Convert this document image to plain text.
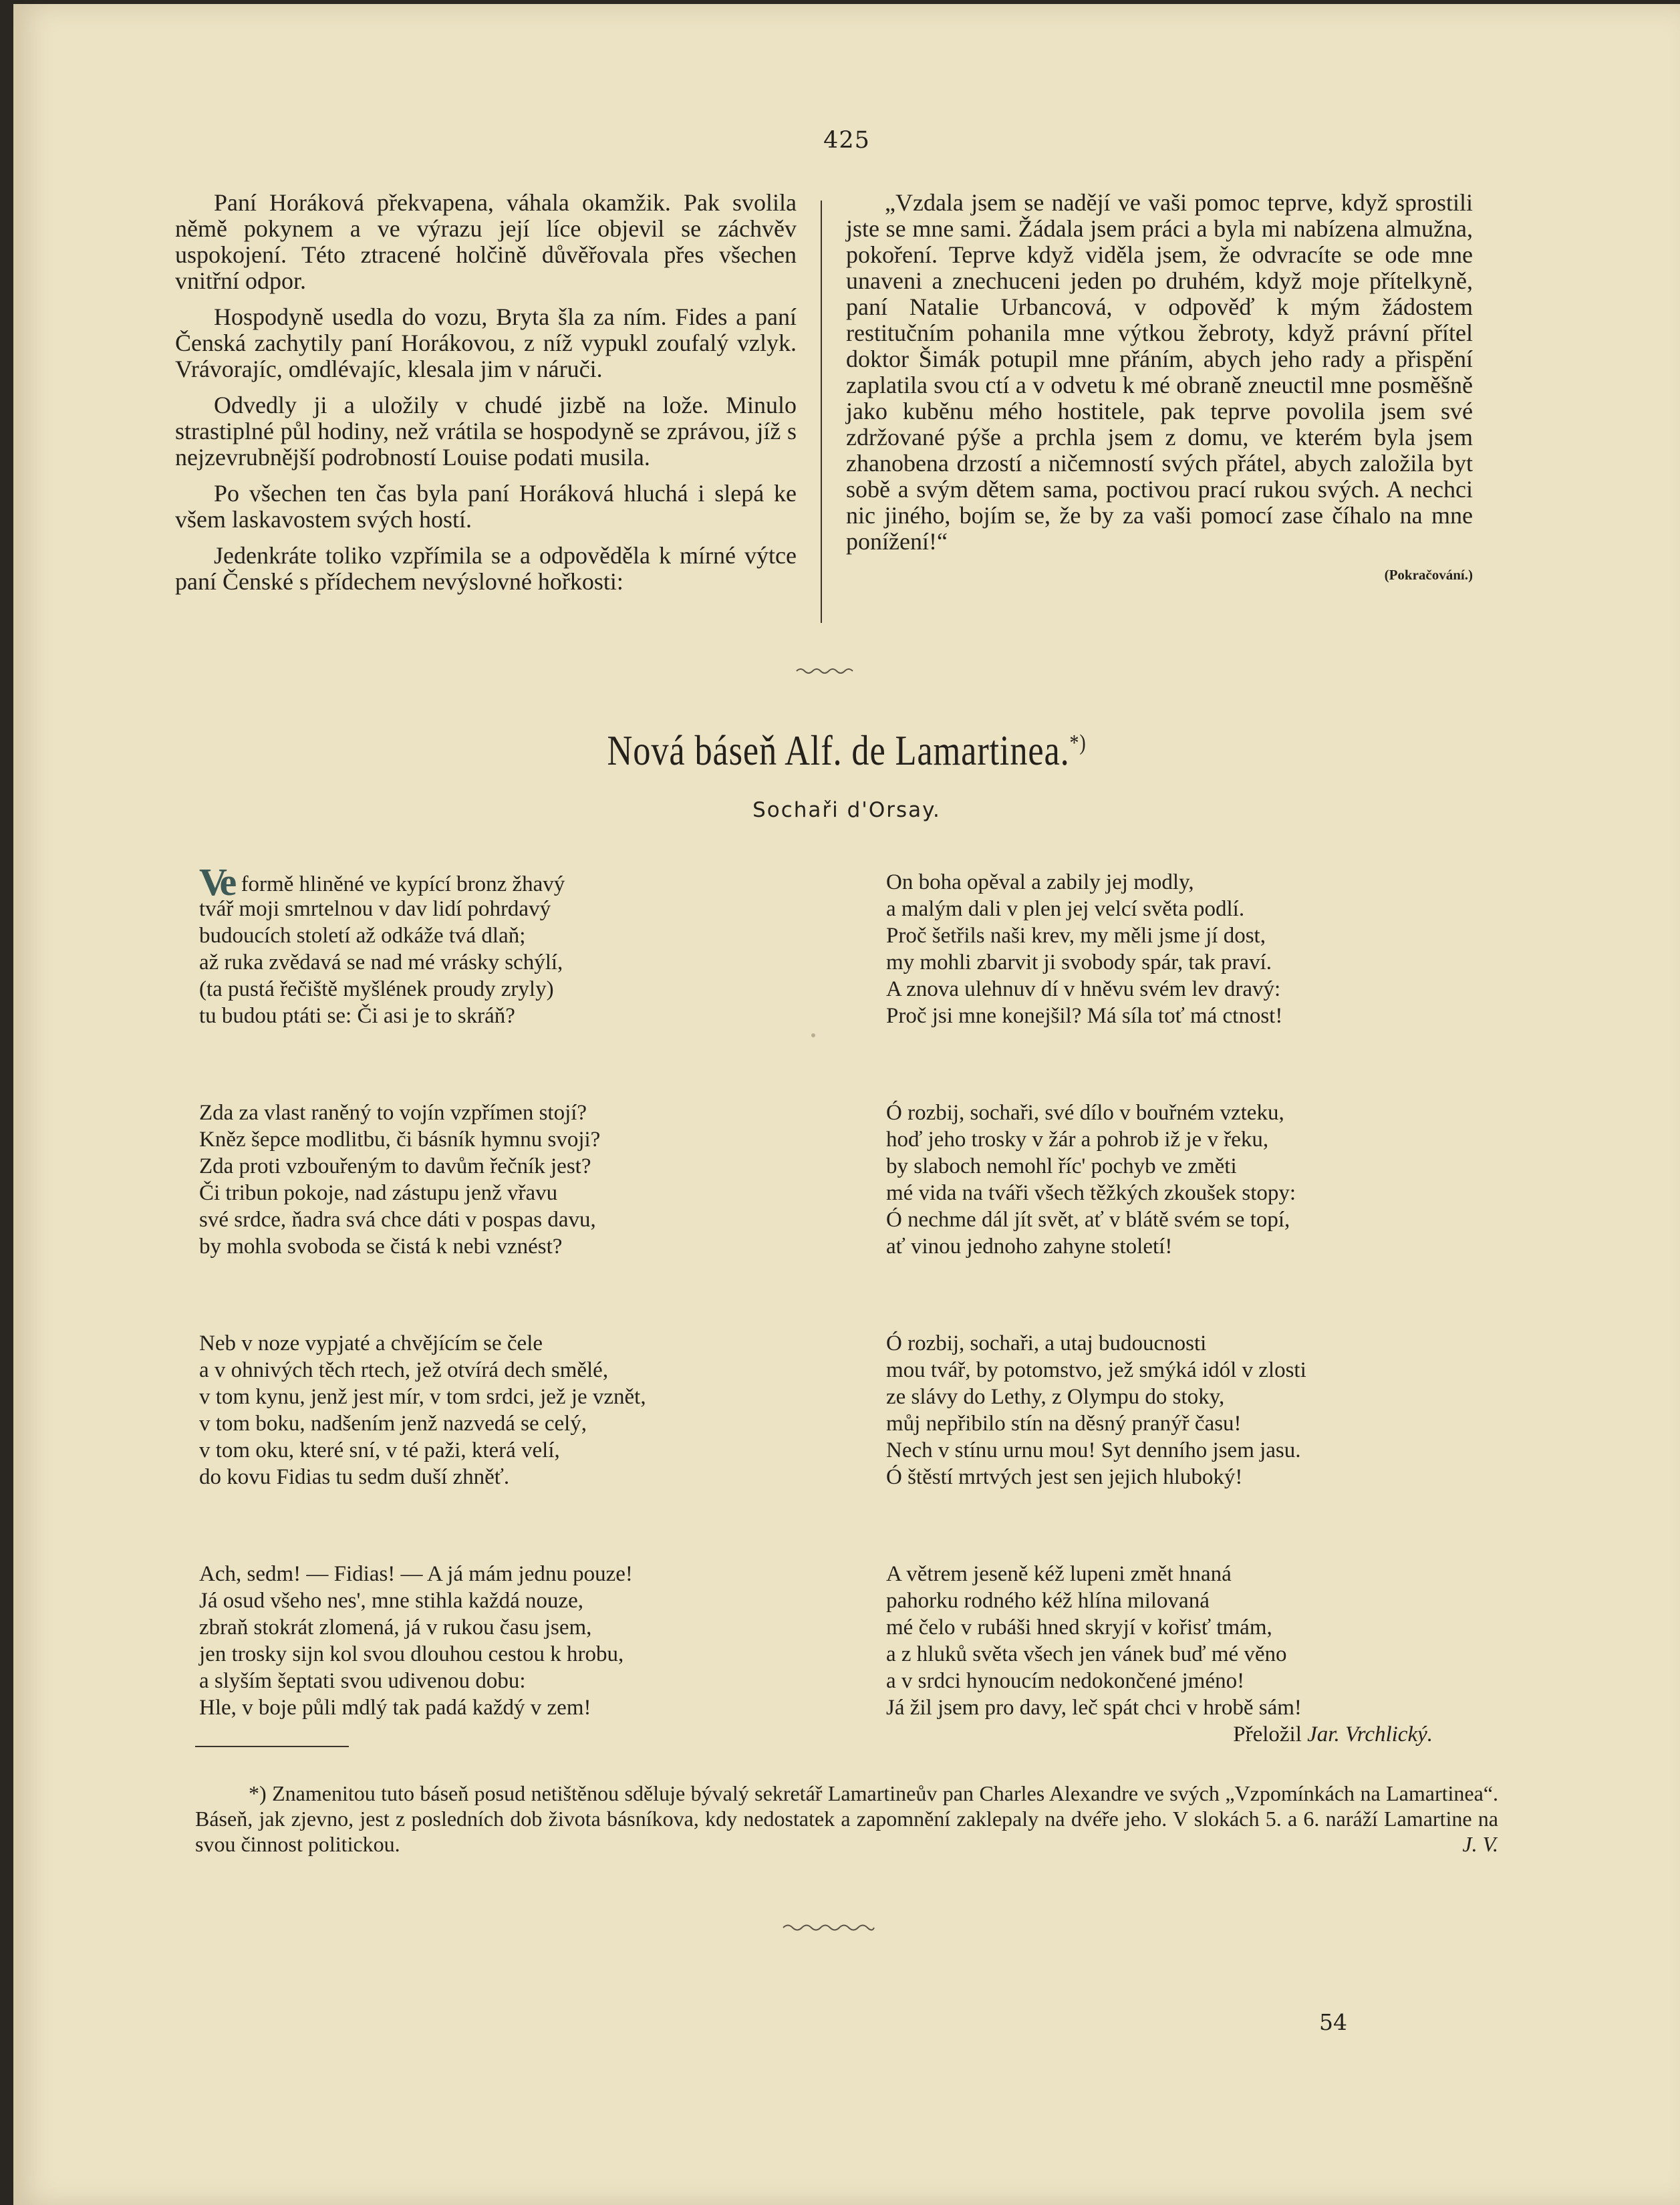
425

Paní Horáková překvapena, váhala okamžik. Pak svolila němě pokynem a ve výrazu její líce objevil se záchvěv uspokojení. Této ztracené holčině důvěřovala přes všechen vnitřní odpor.

Hospodyně usedla do vozu, Bryta šla za ním. Fides a paní Čenská zachytily paní Horákovou, z níž vypukl zoufalý vzlyk. Vrávorajíc, omdlévajíc, klesala jim v náruči.

Odvedly ji a uložily v chudé jizbě na lože. Minulo strastiplné půl hodiny, než vrátila se hospodyně se zprávou, jíž s nejzevrubnější podrobností Louise podati musila.

Po všechen ten čas byla paní Horáková hluchá i slepá ke všem laskavostem svých hostí.

Jedenkráte toliko vzpřímila se a odpověděla k mírné výtce paní Čenské s přídechem nevýslovné hořkosti:

„Vzdala jsem se nadějí ve vaši pomoc teprve, když sprostili jste se mne sami. Žádala jsem práci a byla mi nabízena almužna, pokoření. Teprve když viděla jsem, že odvracíte se ode mne unaveni a znechuceni jeden po druhém, když moje přítelkyně, paní Natalie Urbancová, v odpověď k mým žádostem restitučním pohanila mne výtkou žebroty, když právní přítel doktor Šimák potupil mne přáním, abych jeho rady a přispění zaplatila svou ctí a v odvetu k mé obraně zneuctil mne posměšně jako kuběnu mého hostitele, pak teprve povolila jsem své zdržované pýše a prchla jsem z domu, ve kterém byla jsem zhanobena drzostí a ničemností svých přátel, abych založila byt sobě a svým dětem sama, poctivou prací rukou svých. A nechci nic jiného, bojím se, že by za vaši pomocí zase číhalo na mne ponížení!“

(Pokračování.)
Nová báseň Alf. de Lamartinea.*)
Sochaři d'Orsay.
Ve formě hliněné ve kypící bronz žhavý
tvář moji smrtelnou v dav lidí pohrdavý
budoucích století až odkáže tvá dlaň;
až ruka zvědavá se nad mé vrásky schýlí,
(ta pustá řečiště myšlének proudy zryly)
tu budou ptáti se: Či asi je to skráň?
Zda za vlast raněný to vojín vzpřímen stojí?
Kněz šepce modlitbu, či básník hymnu svoji?
Zda proti vzbouřeným to davům řečník jest?
Či tribun pokoje, nad zástupu jenž vřavu
své srdce, ňadra svá chce dáti v pospas davu,
by mohla svoboda se čistá k nebi vznést?
Neb v noze vypjaté a chvějícím se čele
a v ohnivých těch rtech, jež otvírá dech smělé,
v tom kynu, jenž jest mír, v tom srdci, jež je vznět,
v tom boku, nadšením jenž nazvedá se celý,
v tom oku, které sní, v té paži, která velí,
do kovu Fidias tu sedm duší zhněť.
Ach, sedm! — Fidias! — A já mám jednu pouze!
Já osud všeho nes', mne stihla každá nouze,
zbraň stokrát zlomená, já v rukou času jsem,
jen trosky sijn kol svou dlouhou cestou k hrobu,
a slyším šeptati svou udivenou dobu:
Hle, v boje půli mdlý tak padá každý v zem!
On boha opěval a zabily jej modly,
a malým dali v plen jej velcí světa podlí.
Proč šetřils naši krev, my měli jsme jí dost,
my mohli zbarvit ji svobody spár, tak praví.
A znova ulehnuv dí v hněvu svém lev dravý:
Proč jsi mne konejšil? Má síla toť má ctnost!
Ó rozbij, sochaři, své dílo v bouřném vzteku,
hoď jeho trosky v žár a pohrob iž je v řeku,
by slaboch nemohl říc' pochyb ve změti
mé vida na tváři všech těžkých zkoušek stopy:
Ó nechme dál jít svět, ať v blátě svém se topí,
ať vinou jednoho zahyne století!
Ó rozbij, sochaři, a utaj budoucnosti
mou tvář, by potomstvo, jež smýká idól v zlosti
ze slávy do Lethy, z Olympu do stoky,
můj nepřibilo stín na děsný pranýř času!
Nech v stínu urnu mou! Syt denního jsem jasu.
Ó štěstí mrtvých jest sen jejich hluboký!
A větrem jeseně kéž lupeni změt hnaná
pahorku rodného kéž hlína milovaná
mé čelo v rubáši hned skryjí v kořisť tmám,
a z hluků světa všech jen vánek buď mé věno
a v srdci hynoucím nedokončené jméno!
Já žil jsem pro davy, leč spát chci v hrobě sám!
Přeložil Jar. Vrchlický.
*) Znamenitou tuto báseň posud netištěnou sděluje bývalý sekretář Lamartineův pan Charles Alexandre ve svých „Vzpomínkách na Lamartinea“. Báseň, jak zjevno, jest z posledních dob života básníkova, kdy nedostatek a zapomnění zaklepaly na dvéře jeho. V slokách 5. a 6. naráží Lamartine na svou činnost politickou.	J. V.
54
